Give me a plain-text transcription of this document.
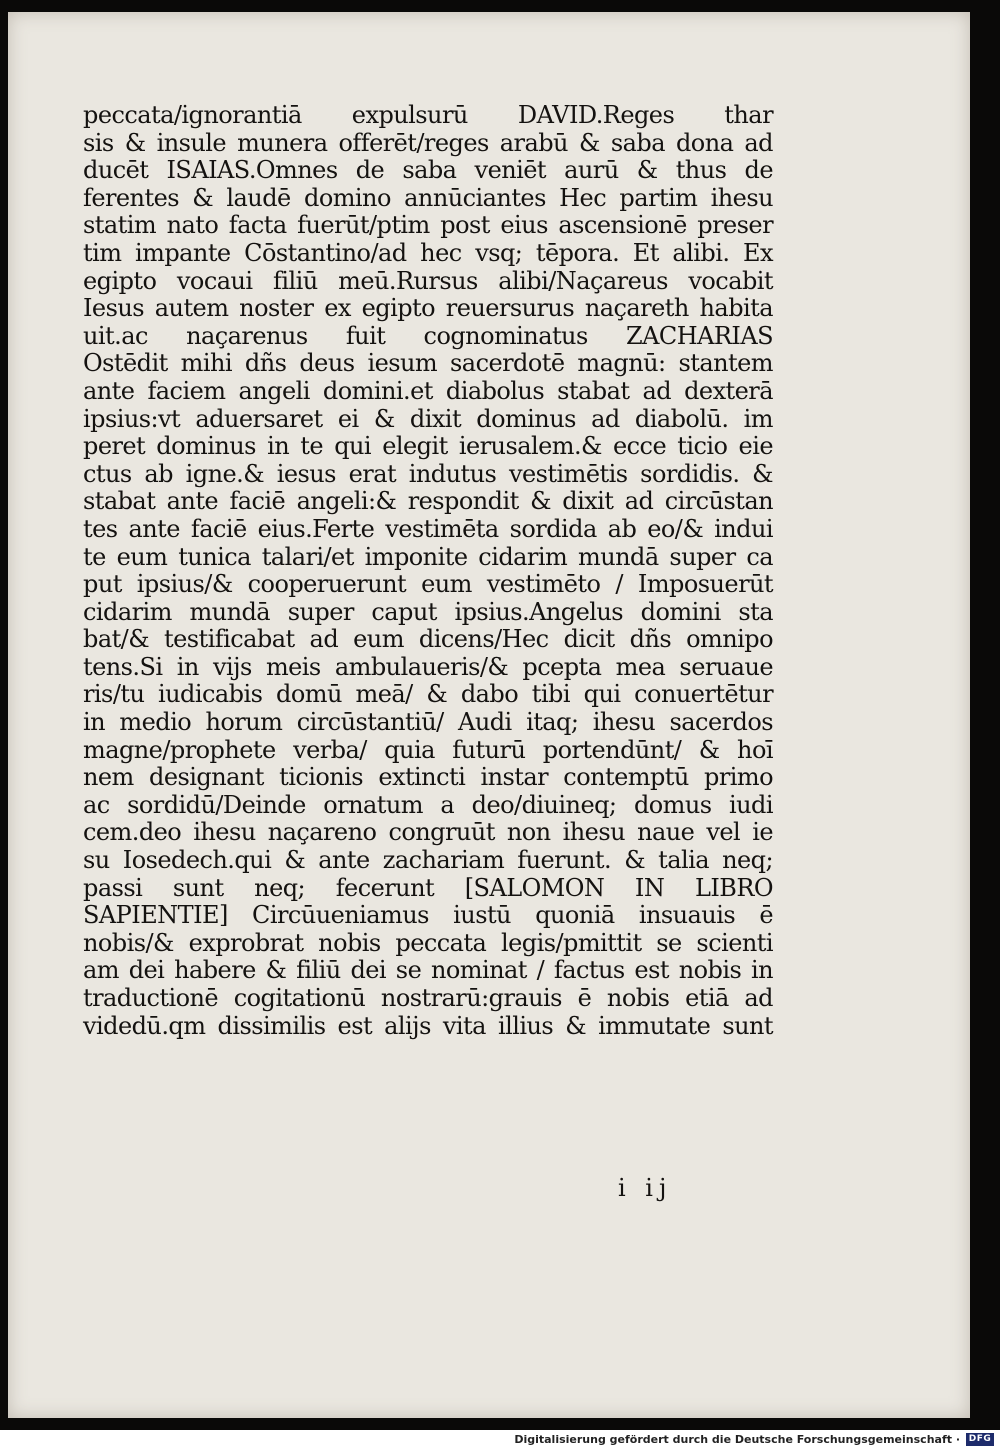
peccata/ignorantiā expulsurū DAVID.Reges thar
sis & insule munera offerēt/reges arabū & saba dona ad
ducēt ISAIAS.Omnes de saba veniēt aurū & thus de
ferentes & laudē domino annūciantes Hec partim ihesu
statim nato facta fuerūt/ptim post eius ascensionē preser
tim impante Cōstantino/ad hec vsq; tēpora. Et alibi. Ex
egipto vocaui filiū meū.Rursus alibi/Naçareus vocabit
Iesus autem noster ex egipto reuersurus naçareth habita
uit.ac naçarenus fuit cognominatus ZACHARIAS
Ostēdit mihi dñs deus iesum sacerdotē magnū: stantem
ante faciem angeli domini.et diabolus stabat ad dexterā
ipsius:vt aduersaret ei & dixit dominus ad diabolū. im
peret dominus in te qui elegit ierusalem.& ecce ticio eie
ctus ab igne.& iesus erat indutus vestimētis sordidis. &
stabat ante faciē angeli:& respondit & dixit ad circūstan
tes ante faciē eius.Ferte vestimēta sordida ab eo/& indui
te eum tunica talari/et imponite cidarim mundā super ca
put ipsius/& cooperuerunt eum vestimēto / Imposuerūt
cidarim mundā super caput ipsius.Angelus domini sta
bat/& testificabat ad eum dicens/Hec dicit dñs omnipo
tens.Si in vijs meis ambulaueris/& pcepta mea seruaue
ris/tu iudicabis domū meā/ & dabo tibi qui conuertētur
in medio horum circūstantiū/ Audi itaq; ihesu sacerdos
magne/prophete verba/ quia futurū portendūnt/ & hoī
nem designant ticionis extincti instar contemptū primo
ac sordidū/Deinde ornatum a deo/diuineq; domus iudi
cem.deo ihesu naçareno congruūt non ihesu naue vel ie
su Iosedech.qui & ante zachariam fuerunt. & talia neq;
passi sunt neq; fecerunt [SALOMON IN LIBRO
SAPIENTIE] Circūueniamus iustū quoniā insuauis ē
nobis/& exprobrat nobis peccata legis/pmittit se scienti
am dei habere & filiū dei se nominat / factus est nobis in
traductionē cogitationū nostrarū:grauis ē nobis etiā ad
videdū.qm dissimilis est alijs vita illius & immutate sunt
i ij
Digitalisierung gefördert durch die Deutsche Forschungsgemeinschaft · DFG
